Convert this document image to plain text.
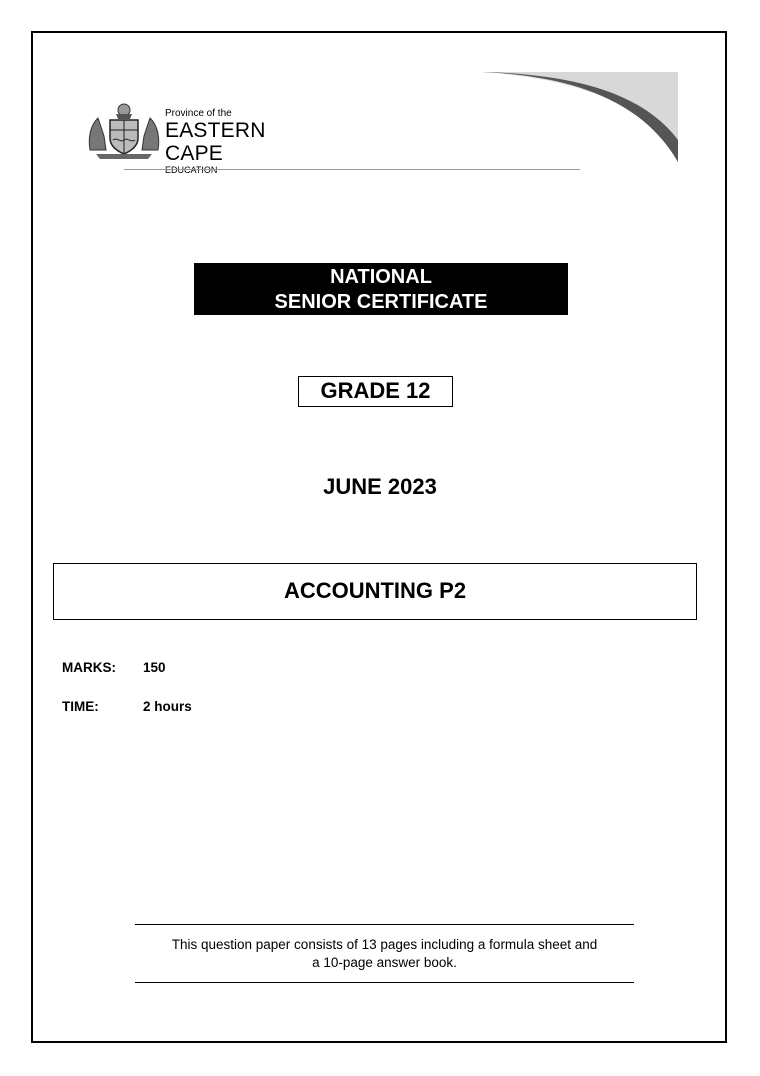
Province of the
EASTERN CAPE
EDUCATION
NATIONAL
SENIOR CERTIFICATE
GRADE 12
JUNE 2023
ACCOUNTING P2
MARKS: 150
TIME:	2 hours
This question paper consists of 13 pages including a formula sheet and
a 10-page answer book.
